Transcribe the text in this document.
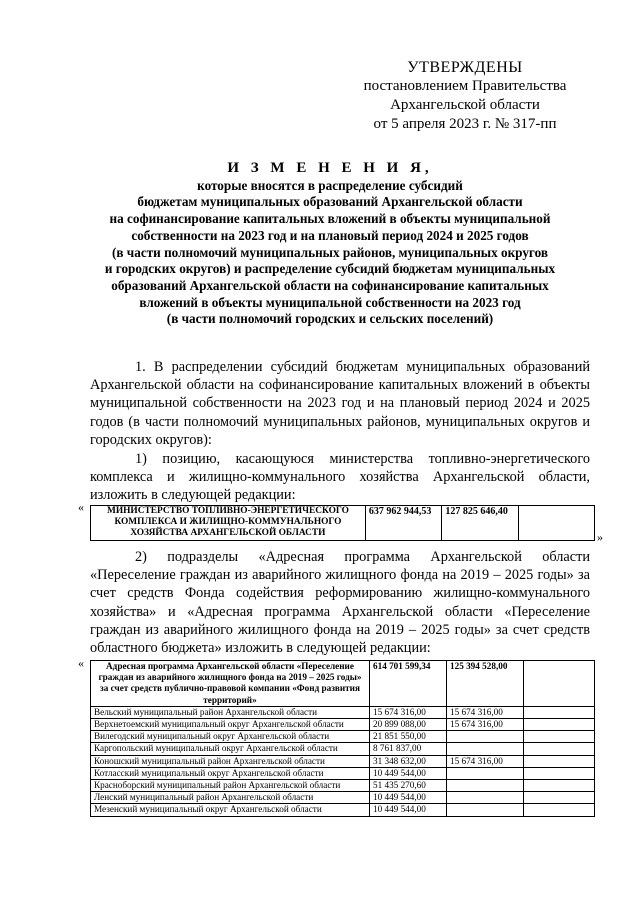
УТВЕРЖДЕНЫ
постановлением Правительства
Архангельской области
от 5 апреля 2023 г. № 317-пп
И З М Е Н Е Н И Я,
которые вносятся в распределение субсидий
бюджетам муниципальных образований Архангельской области
на софинансирование капитальных вложений в объекты муниципальной
собственности на 2023 год и на плановый период 2024 и 2025 годов
(в части полномочий муниципальных районов, муниципальных округов
и городских округов) и распределение субсидий бюджетам муниципальных
образований Архангельской области на софинансирование капитальных
вложений в объекты муниципальной собственности на 2023 год
(в части полномочий городских и сельских поселений)
1. В распределении субсидий бюджетам муниципальных образований Архангельской области на софинансирование капитальных вложений в объекты муниципальной собственности на 2023 год и на плановый период 2024 и 2025 годов (в части полномочий муниципальных районов, муниципальных округов и городских округов):
1) позицию, касающуюся министерства топливно-энергетического комплекса и жилищно-коммунального хозяйства Архангельской области, изложить в следующей редакции:
« МИНИСТЕРСТВО ТОПЛИВНО-ЭНЕРГЕТИЧЕСКОГО КОМПЛЕКСА И ЖИЛИЩНО-КОММУНАЛЬНОГО ХОЗЯЙСТВА АРХАНГЕЛЬСКОЙ ОБЛАСТИ	637 962 944,53	127 825 646,40	
»
2) подразделы «Адресная программа Архангельской области «Переселение граждан из аварийного жилищного фонда на 2019 – 2025 годы» за счет средств Фонда содействия реформированию жилищно-коммунального хозяйства» и «Адресная программа Архангельской области «Переселение граждан из аварийного жилищного фонда на 2019 – 2025 годы» за счет средств областного бюджета» изложить в следующей редакции:
« Адресная программа Архангельской области «Переселение граждан из аварийного жилищного фонда на 2019 – 2025 годы» за счет средств публично-правовой компании «Фонд развития территорий»	614 701 599,34	125 394 528,00	
Вельский муниципальный район Архангельской области	15 674 316,00	15 674 316,00	
Верхнетоемский муниципальный округ Архангельской области	20 899 088,00	15 674 316,00	
Вилегодский муниципальный округ Архангельской области	21 851 550,00		
Каргопольский муниципальный округ Архангельской области	8 761 837,00		
Коношский муниципальный район Архангельской области	31 348 632,00	15 674 316,00	
Котласский муниципальный округ Архангельской области	10 449 544,00		
Красноборский муниципальный район Архангельской области	51 435 270,60		
Ленский муниципальный район Архангельской области	10 449 544,00		
Мезенский муниципальный округ Архангельской области	10 449 544,00		
